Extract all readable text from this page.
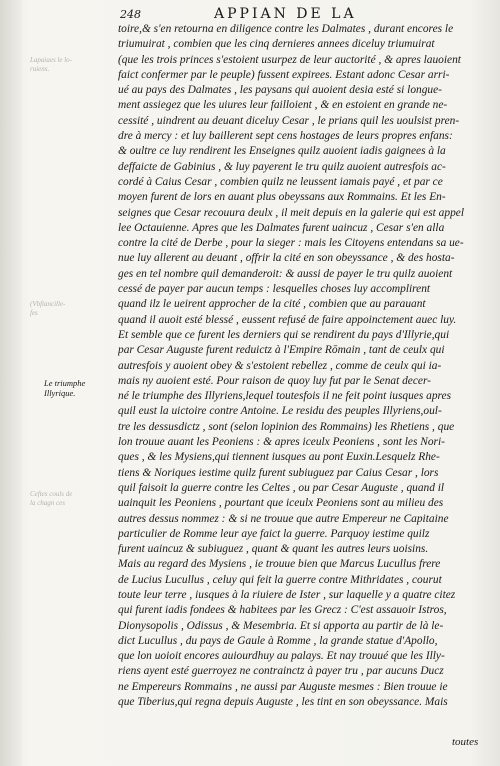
248	APPIAN DE LA
Lapaiaes le lo-
ruiens.
(Vbfiancille-
fes
Ceftes couls de
la chagn ces
Le triumphe Illyrique.
toire,& s'en retourna en diligence contre les Dalmates , durant encores le
triumuirat , combien que les cinq dernieres annees diceluy triumuirat
(que les trois princes s'estoient usurpez de leur auctorité , & apres lauoient
faict confermer par le peuple) fussent expirees. Estant adonc Cesar arri-
ué au pays des Dalmates , les paysans qui auoient desia esté si longue-
ment assiegez que les uiures leur failloient , & en estoient en grande ne-
cessité , uindrent au deuant diceluy Cesar , le prians quil les uoulsist pren-
dre à mercy : et luy baillerent sept cens hostages de leurs propres enfans:
& oultre ce luy rendirent les Enseignes quilz auoient iadis gaignees à la
deffaicte de Gabinius , & luy payerent le tru quilz auoient autresfois ac-
cordé à Caius Cesar , combien quilz ne leussent iamais payé , et par ce
moyen furent de lors en auant plus obeyssans aux Rommains. Et les En-
seignes que Cesar recouura deulx , il meit depuis en la galerie qui est appel
lee Octauienne. Apres que les Dalmates furent uaincuz , Cesar s'en alla
contre la cité de Derbe , pour la sieger : mais les Citoyens entendans sa ue-
nue luy allerent au deuant , offrir la cité en son obeyssance , & des hosta-
ges en tel nombre quil demanderoit: & aussi de payer le tru quilz auoient
cessé de payer par aucun temps : lesquelles choses luy accomplirent
quand ilz le ueirent approcher de la cité , combien que au parauant
quand il auoit esté blessé , eussent refusé de faire appoinctement auec luy.
Et semble que ce furent les derniers qui se rendirent du pays d'Illyrie,qui
par Cesar Auguste furent reduictz à l'Empire Rōmain , tant de ceulx qui
autresfois y auoient obey & s'estoient rebellez , comme de ceulx qui ia-
mais ny auoient esté. Pour raison de quoy luy fut par le Senat decer-
né le triumphe des Illyriens,lequel toutesfois il ne feit point iusques apres
quil eust la uictoire contre Antoine. Le residu des peuples Illyriens,oul-
tre les dessusdictz , sont (selon lopinion des Rommains) les Rhetiens , que
lon trouue auant les Peoniens : & apres iceulx Peoniens , sont les Nori-
ques , & les Mysiens,qui tiennent iusques au pont Euxin.Lesquelz Rhe-
tiens & Noriques iestime quilz furent subiuguez par Caius Cesar , lors
quil faisoit la guerre contre les Celtes , ou par Cesar Auguste , quand il
uainquit les Peoniens , pourtant que iceulx Peoniens sont au milieu des
autres dessus nommez : & si ne trouue que autre Empereur ne Capitaine
particulier de Romme leur aye faict la guerre. Parquoy iestime quilz
furent uaincuz & subiuguez , quant & quant les autres leurs uoisins.
Mais au regard des Mysiens , ie trouue bien que Marcus Lucullus frere
de Lucius Lucullus , celuy qui feit la guerre contre Mithridates , courut
toute leur terre , iusques à la riuiere de Ister , sur laquelle y a quatre citez
qui furent iadis fondees & habitees par les Grecz : C'est assauoir Istros,
Dionysopolis , Odissus , & Mesembria. Et si apporta au partir de là le-
dict Lucullus , du pays de Gaule à Romme , la grande statue d'Apollo,
que lon uoioit encores auiourdhuy au palays. Et nay trouué que les Illy-
riens ayent esté guerroyez ne contrainctz à payer tru , par aucuns Ducz
ne Empereurs Rommains , ne aussi par Auguste mesmes : Bien trouue ie
que Tiberius,qui regna depuis Auguste , les tint en son obeyssance. Mais
toutes
